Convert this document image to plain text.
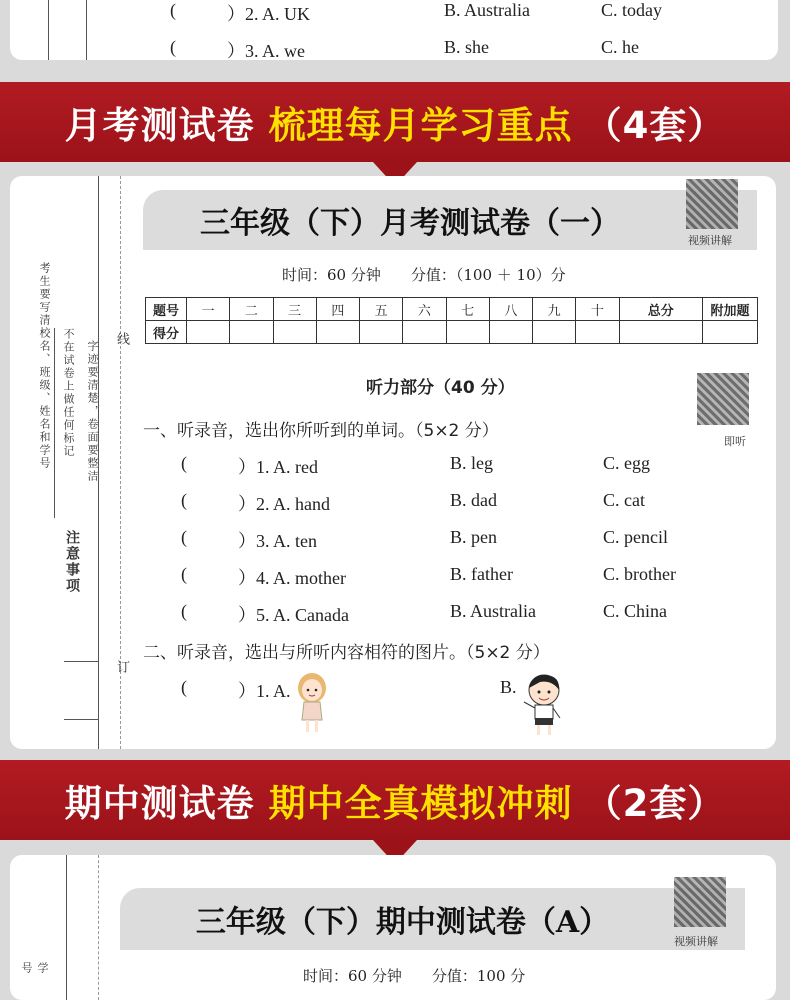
(	）2. A. UK	B. Australia	C. today
(	）3. A. we	B. she	C. he
月考测试卷 梳理每月学习重点 （4套）
考生要写清校名、班级、姓名和学号 不在试卷上做任何标记 字迹要清楚，卷面要整洁
注意事项
线
订
三年级（下）月考测试卷（一）	视频讲解
时间：60 分钟　　分值：（100 ＋ 10）分
题号	一	二	三	四	五	六	七	八	九	十	总分	附加题
得分												
听力部分（40 分）
即听
一、听录音，选出你所听到的单词。（5×2 分）
(	）1. A. red	B. leg	C. egg
(	）2. A. hand	B. dad	C. cat
(	）3. A. ten	B. pen	C. pencil
(	）4. A. mother	B. father	C. brother
(	）5. A. Canada	B. Australia	C. China
二、听录音，选出与所听内容相符的图片。（5×2 分）
(	）1. A.	B.
期中测试卷 期中全真模拟冲刺 （2套）
学号
三年级（下）期中测试卷（A）
视频讲解
时间：60 分钟　　分值：100 分
